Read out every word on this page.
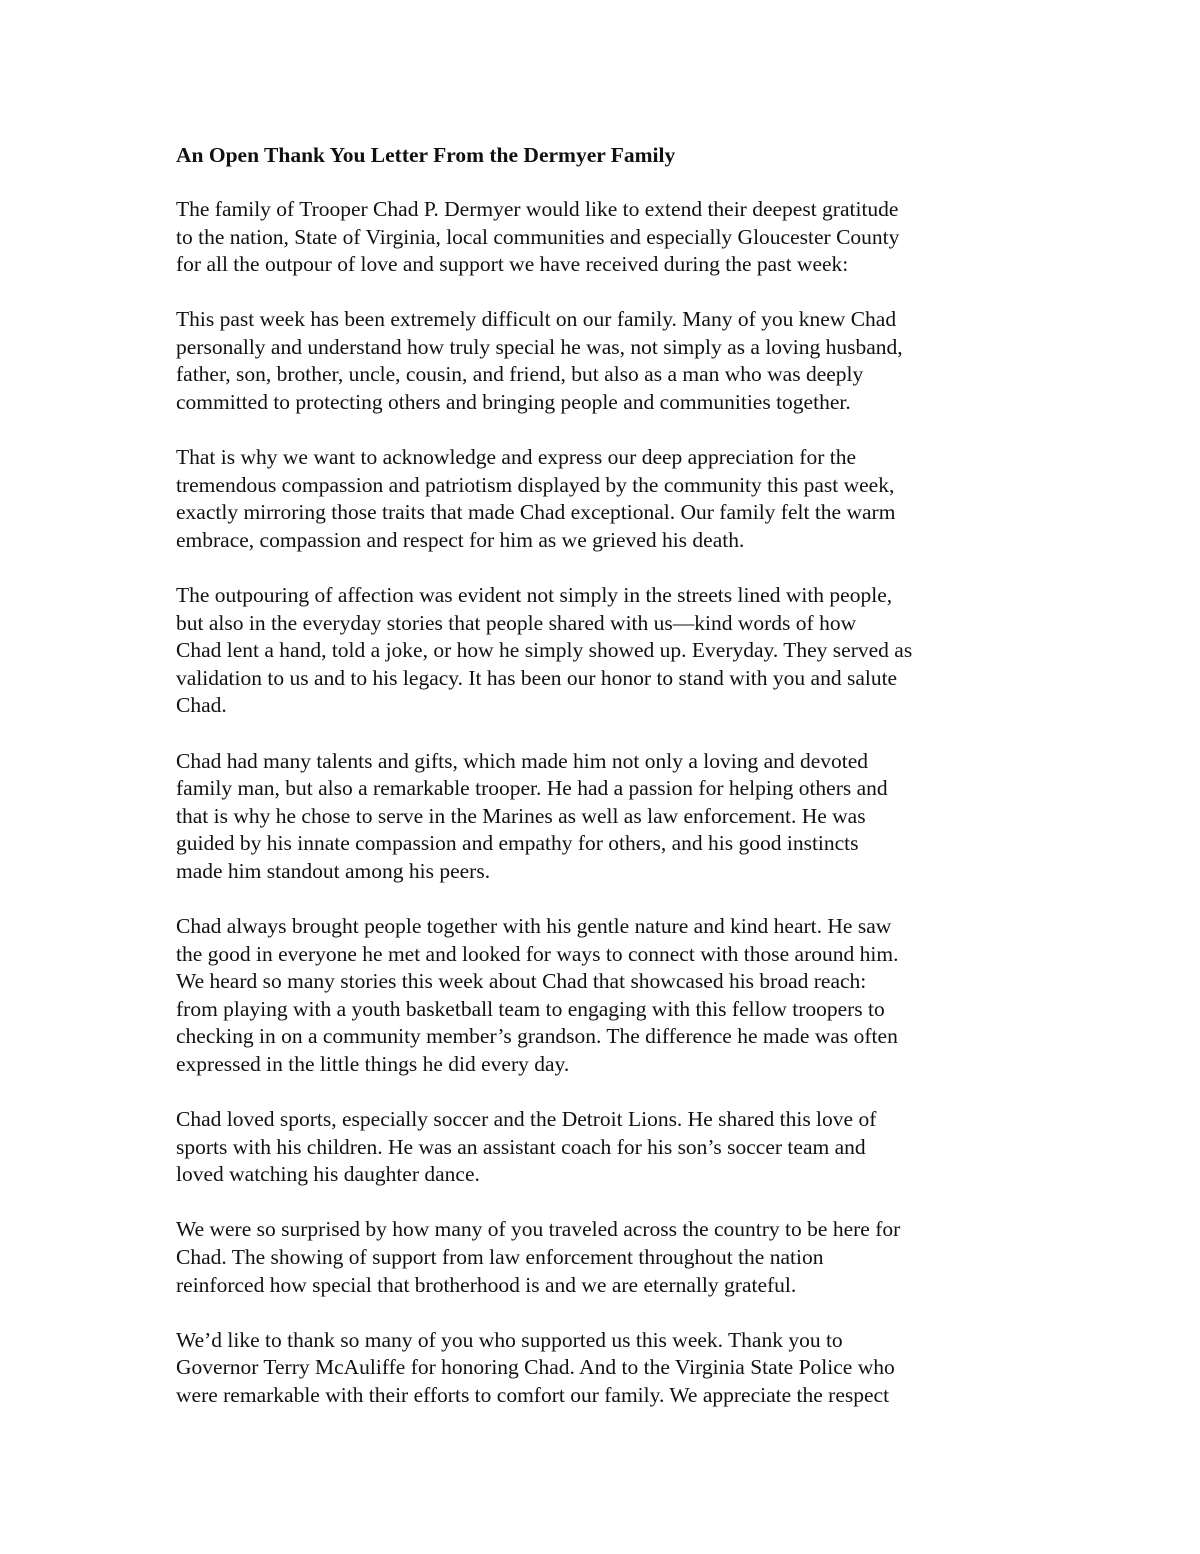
An Open Thank You Letter From the Dermyer Family
The family of Trooper Chad P. Dermyer would like to extend their deepest gratitude
to the nation, State of Virginia, local communities and especially Gloucester County
for all the outpour of love and support we have received during the past week:
This past week has been extremely difficult on our family. Many of you knew Chad
personally and understand how truly special he was, not simply as a loving husband,
father, son, brother, uncle, cousin, and friend, but also as a man who was deeply
committed to protecting others and bringing people and communities together.
That is why we want to acknowledge and express our deep appreciation for the
tremendous compassion and patriotism displayed by the community this past week,
exactly mirroring those traits that made Chad exceptional. Our family felt the warm
embrace, compassion and respect for him as we grieved his death.
The outpouring of affection was evident not simply in the streets lined with people,
but also in the everyday stories that people shared with us—kind words of how
Chad lent a hand, told a joke, or how he simply showed up. Everyday. They served as
validation to us and to his legacy. It has been our honor to stand with you and salute
Chad.
Chad had many talents and gifts, which made him not only a loving and devoted
family man, but also a remarkable trooper. He had a passion for helping others and
that is why he chose to serve in the Marines as well as law enforcement. He was
guided by his innate compassion and empathy for others, and his good instincts
made him standout among his peers.
Chad always brought people together with his gentle nature and kind heart. He saw
the good in everyone he met and looked for ways to connect with those around him.
We heard so many stories this week about Chad that showcased his broad reach:
from playing with a youth basketball team to engaging with this fellow troopers to
checking in on a community member’s grandson. The difference he made was often
expressed in the little things he did every day.
Chad loved sports, especially soccer and the Detroit Lions. He shared this love of
sports with his children. He was an assistant coach for his son’s soccer team and
loved watching his daughter dance.
We were so surprised by how many of you traveled across the country to be here for
Chad. The showing of support from law enforcement throughout the nation
reinforced how special that brotherhood is and we are eternally grateful.
We’d like to thank so many of you who supported us this week. Thank you to
Governor Terry McAuliffe for honoring Chad. And to the Virginia State Police who
were remarkable with their efforts to comfort our family. We appreciate the respect
